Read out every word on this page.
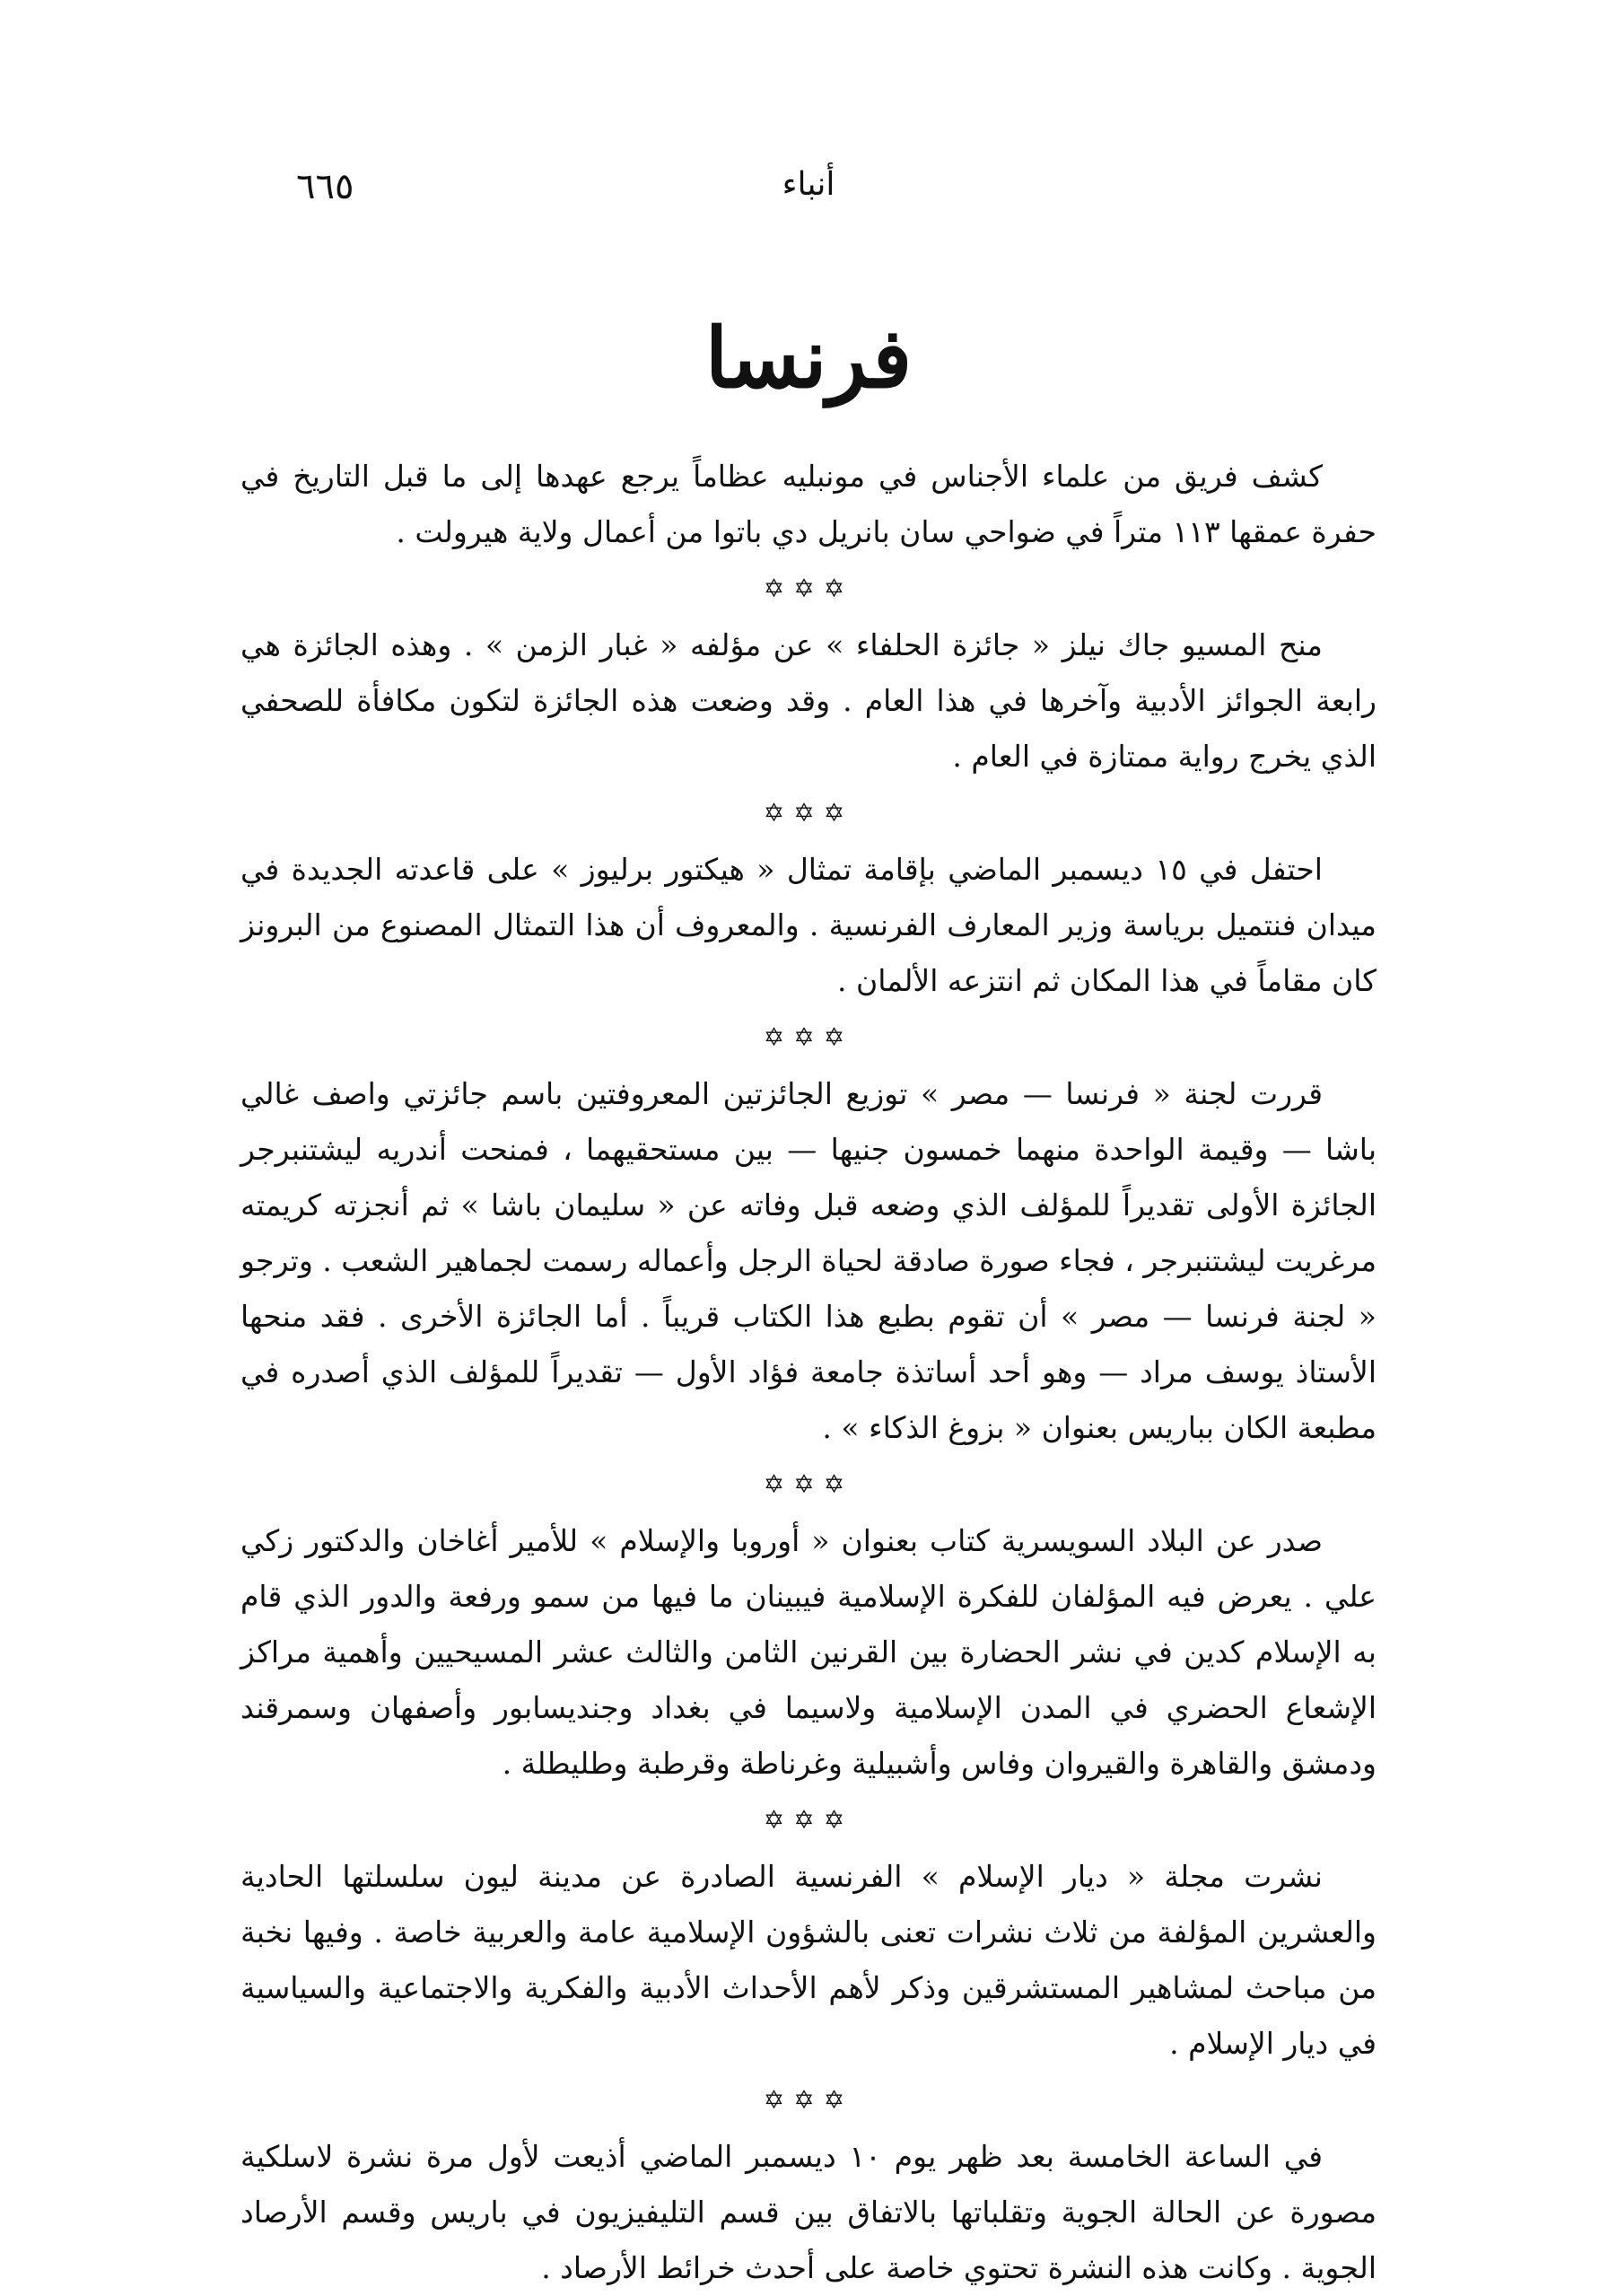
٦٦٥	أنباء
فرنسا

كشف فريق من علماء الأجناس في مونبليه عظاماً يرجع عهدها إلى ما قبل التاريخ في حفرة عمقها ١١٣ متراً في ضواحي سان بانريل دي باتوا من أعمال ولاية هيرولت .

✡✡✡

منح المسيو جاك نيلز « جائزة الحلفاء » عن مؤلفه « غبار الزمن » . وهذه الجائزة هي رابعة الجوائز الأدبية وآخرها في هذا العام . وقد وضعت هذه الجائزة لتكون مكافأة للصحفي الذي يخرج رواية ممتازة في العام .

✡✡✡

احتفل في ١٥ ديسمبر الماضي بإقامة تمثال « هيكتور برليوز » على قاعدته الجديدة في ميدان فنتميل برياسة وزير المعارف الفرنسية . والمعروف أن هذا التمثال المصنوع من البرونز كان مقاماً في هذا المكان ثم انتزعه الألمان .

✡✡✡

قررت لجنة « فرنسا — مصر » توزيع الجائزتين المعروفتين باسم جائزتي واصف غالي باشا — وقيمة الواحدة منهما خمسون جنيها — بين مستحقيهما ، فمنحت أندريه ليشتنبرجر الجائزة الأولى تقديراً للمؤلف الذي وضعه قبل وفاته عن « سليمان باشا » ثم أنجزته كريمته مرغريت ليشتنبرجر ، فجاء صورة صادقة لحياة الرجل وأعماله رسمت لجماهير الشعب . وترجو « لجنة فرنسا — مصر » أن تقوم بطبع هذا الكتاب قريباً . أما الجائزة الأخرى . فقد منحها الأستاذ يوسف مراد — وهو أحد أساتذة جامعة فؤاد الأول — تقديراً للمؤلف الذي أصدره في مطبعة الكان بباريس بعنوان « بزوغ الذكاء » .

✡✡✡

صدر عن البلاد السويسرية كتاب بعنوان « أوروبا والإسلام » للأمير أغاخان والدكتور زكي علي . يعرض فيه المؤلفان للفكرة الإسلامية فيبينان ما فيها من سمو ورفعة والدور الذي قام به الإسلام كدين في نشر الحضارة بين القرنين الثامن والثالث عشر المسيحيين وأهمية مراكز الإشعاع الحضري في المدن الإسلامية ولاسيما في بغداد وجنديسابور وأصفهان وسمرقند ودمشق والقاهرة والقيروان وفاس وأشبيلية وغرناطة وقرطبة وطليطلة .

✡✡✡

نشرت مجلة « ديار الإسلام » الفرنسية الصادرة عن مدينة ليون سلسلتها الحادية والعشرين المؤلفة من ثلاث نشرات تعنى بالشؤون الإسلامية عامة والعربية خاصة . وفيها نخبة من مباحث لمشاهير المستشرقين وذكر لأهم الأحداث الأدبية والفكرية والاجتماعية والسياسية في ديار الإسلام .

✡✡✡

في الساعة الخامسة بعد ظهر يوم ١٠ ديسمبر الماضي أذيعت لأول مرة نشرة لاسلكية مصورة عن الحالة الجوية وتقلباتها بالاتفاق بين قسم التليفيزيون في باريس وقسم الأرصاد الجوية . وكانت هذه النشرة تحتوي خاصة على أحدث خرائط الأرصاد .
